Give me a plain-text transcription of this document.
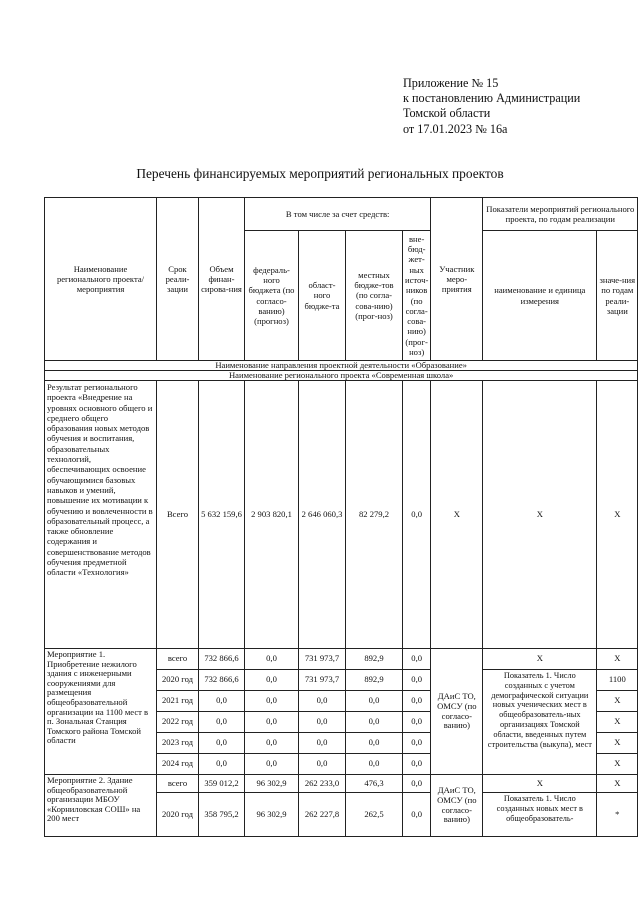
Приложение № 15
к постановлению Администрации
Томской области
от 17.01.2023 № 16а
Перечень финансируемых мероприятий региональных проектов
Наименование регионального проекта/ мероприятия	Срок реали-зации	Объем финан-сирова-ния	В том числе за счет средств:				Участник меро-приятия	Показатели мероприятий регионального проекта, по годам реализации	
			федераль-ного бюджета (по согласо-ванию) (прогноз)	област-ного бюдже-та	местных бюдже-тов (по согла-сова-нию) (прог-ноз)	вне-бюд-жет-ных источ-ников (по согла-сова-нию) (прог-ноз)		наименование и единица измерения	значе-ния по годам реали-зации
Наименование направления проектной деятельности «Образование»									
Наименование регионального проекта «Современная школа»									
Результат регионального проекта «Внедрение на уровнях основного общего и среднего общего образования новых методов обучения и воспитания, образовательных технологий, обеспечивающих освоение обучающимися базовых навыков и умений, повышение их мотивации к обучению и вовлеченности в образовательный процесс, а также обновление содержания и совершенствование методов обучения предметной области «Технология»	Всего	5 632 159,6	2 903 820,1	2 646 060,3	82 279,2	0,0	Х	Х	Х
Мероприятие 1. Приобретение нежилого здания с инженерными сооружениями для размещения общеобразовательной организации на 1100 мест в п. Зональная Станция Томского района Томской области	всего	732 866,6	0,0	731 973,7	892,9	0,0	ДАиС ТО, ОМСУ (по согласо-ванию)	Х	Х
	2020 год	732 866,6	0,0	731 973,7	892,9	0,0		Показатель 1. Число созданных с учетом демографической ситуации новых ученических мест в общеобразователь-ных организациях Томской области, введенных путем строительства (выкупа), мест	1100
	2021 год	0,0	0,0	0,0	0,0	0,0			Х
	2022 год	0,0	0,0	0,0	0,0	0,0			Х
	2023 год	0,0	0,0	0,0	0,0	0,0			Х
	2024 год	0,0	0,0	0,0	0,0	0,0			Х
Мероприятие 2. Здание общеобразовательной организации МБОУ «Корниловская СОШ» на 200 мест	всего	359 012,2	96 302,9	262 233,0	476,3	0,0	ДАиС ТО, ОМСУ (по согласо-ванию)	Х	Х
	2020 год	358 795,2	96 302,9	262 227,8	262,5	0,0		Показатель 1. Число созданных новых мест в общеобразователь-	*
